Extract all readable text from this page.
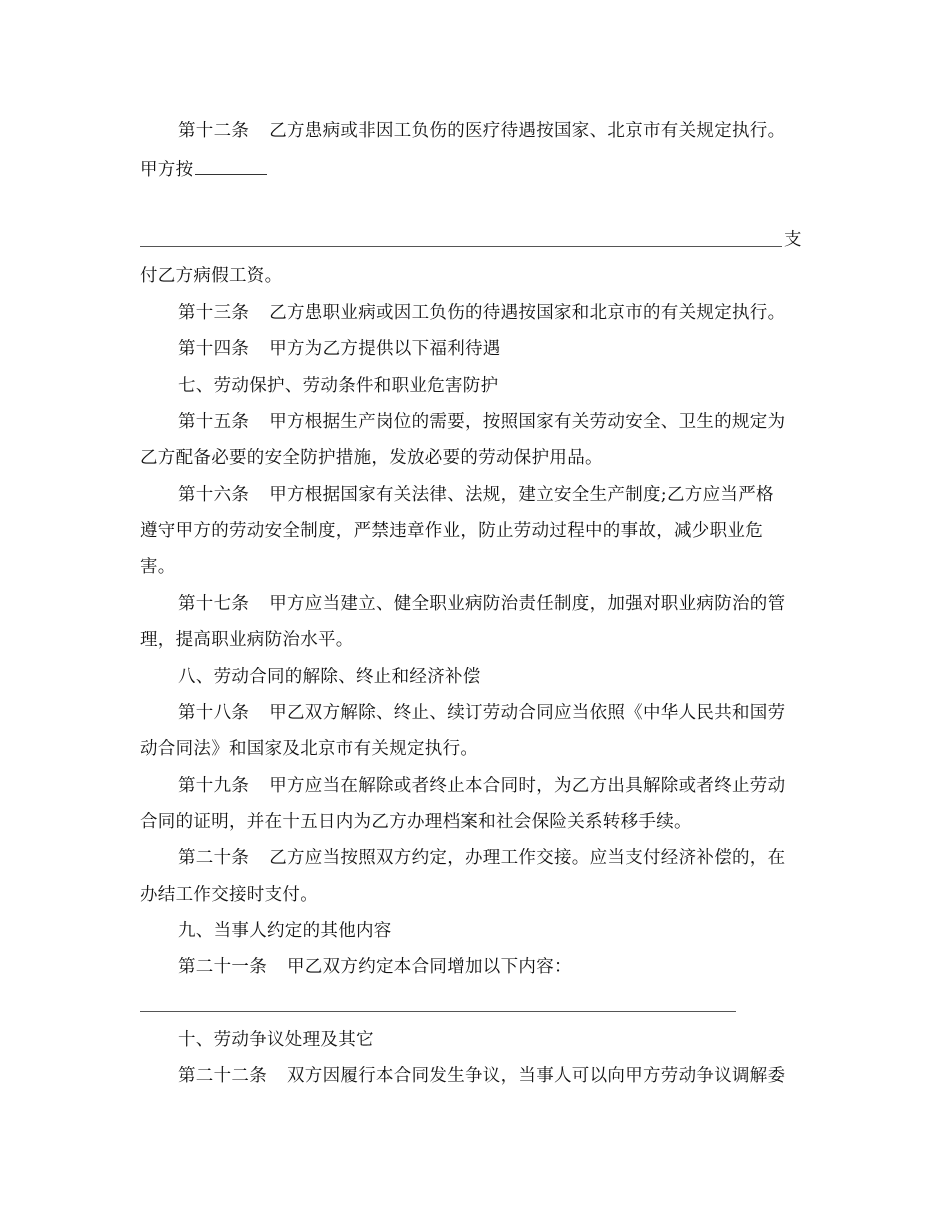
第十二条 乙方患病或非因工负伤的医疗待遇按国家、北京市有关规定执行。
甲方按
支
付乙方病假工资。
第十三条 乙方患职业病或因工负伤的待遇按国家和北京市的有关规定执行。
第十四条 甲方为乙方提供以下福利待遇
七、劳动保护、劳动条件和职业危害防护
第十五条 甲方根据生产岗位的需要，按照国家有关劳动安全、卫生的规定为
乙方配备必要的安全防护措施，发放必要的劳动保护用品。
第十六条 甲方根据国家有关法律、法规，建立安全生产制度;乙方应当严格
遵守甲方的劳动安全制度，严禁违章作业，防止劳动过程中的事故，减少职业危
害。
第十七条 甲方应当建立、健全职业病防治责任制度，加强对职业病防治的管
理，提高职业病防治水平。
八、劳动合同的解除、终止和经济补偿
第十八条 甲乙双方解除、终止、续订劳动合同应当依照《中华人民共和国劳
动合同法》和国家及北京市有关规定执行。
第十九条 甲方应当在解除或者终止本合同时，为乙方出具解除或者终止劳动
合同的证明，并在十五日内为乙方办理档案和社会保险关系转移手续。
第二十条 乙方应当按照双方约定，办理工作交接。应当支付经济补偿的，在
办结工作交接时支付。
九、当事人约定的其他内容
第二十一条 甲乙双方约定本合同增加以下内容：
十、劳动争议处理及其它
第二十二条 双方因履行本合同发生争议，当事人可以向甲方劳动争议调解委
